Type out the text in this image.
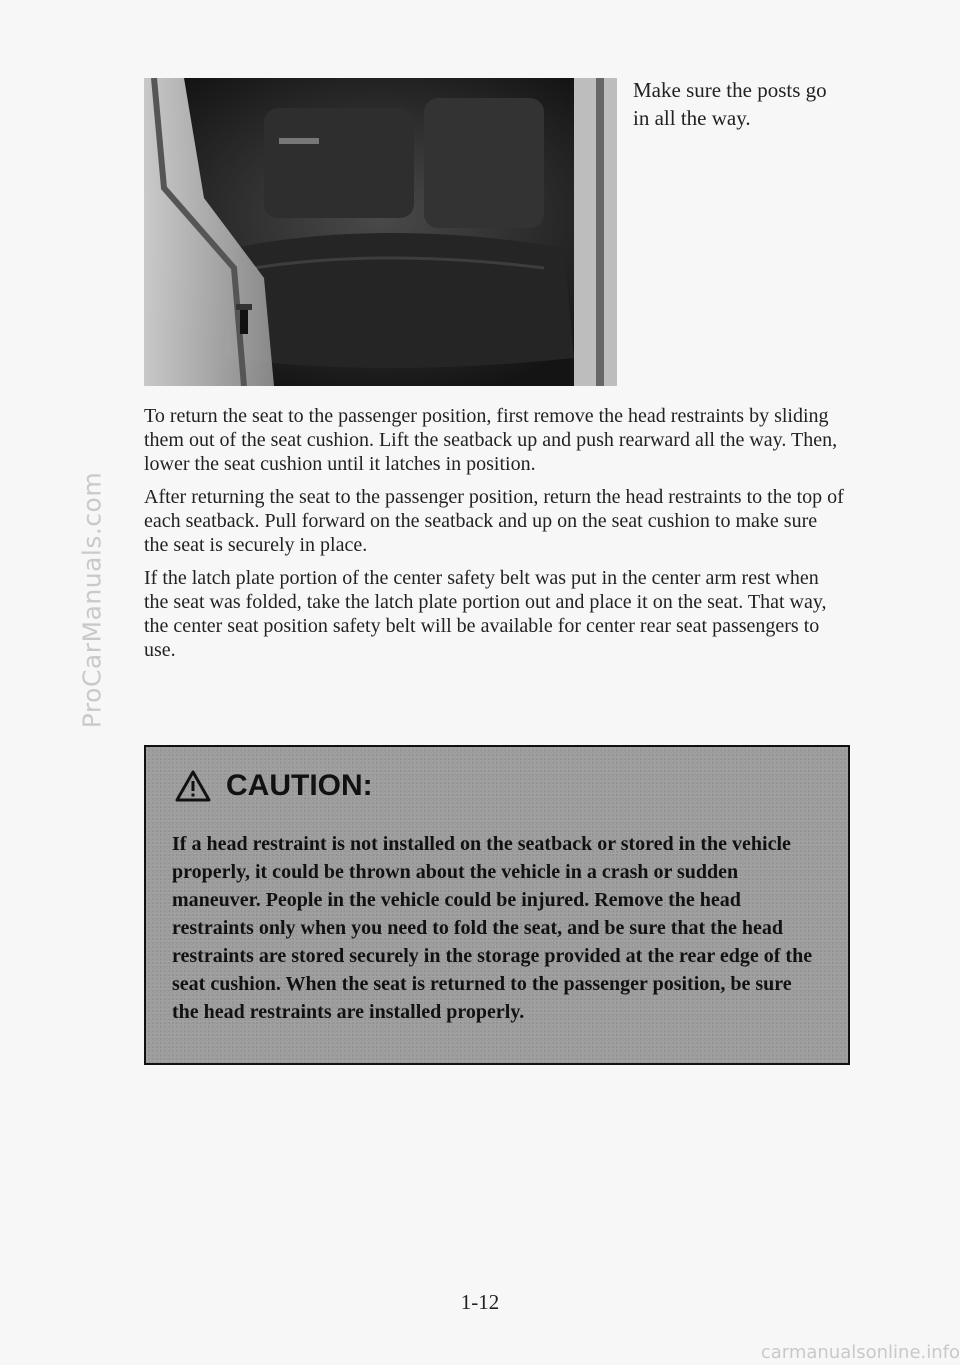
ProCarManuals.com
Make sure the posts go in all the way.

To return the seat to the passenger position, first remove the head restraints by sliding them out of the seat cushion. Lift the seatback up and push rearward all the way. Then, lower the seat cushion until it latches in position.

After returning the seat to the passenger position, return the head restraints to the top of each seatback. Pull forward on the seatback and up on the seat cushion to make sure the seat is securely in place.

If the latch plate portion of the center safety belt was put in the center arm rest when the seat was folded, take the latch plate portion out and place it on the seat. That way, the center seat position safety belt will be available for center rear seat passengers to use.

CAUTION:
If a head restraint is not installed on the seatback or stored in the vehicle properly, it could be thrown about the vehicle in a crash or sudden maneuver. People in the vehicle could be injured. Remove the head restraints only when you need to fold the seat, and be sure that the head restraints are stored securely in the storage provided at the rear edge of the seat cushion. When the seat is returned to the passenger position, be sure the head restraints are installed properly.
1-12
carmanualsonline.info
